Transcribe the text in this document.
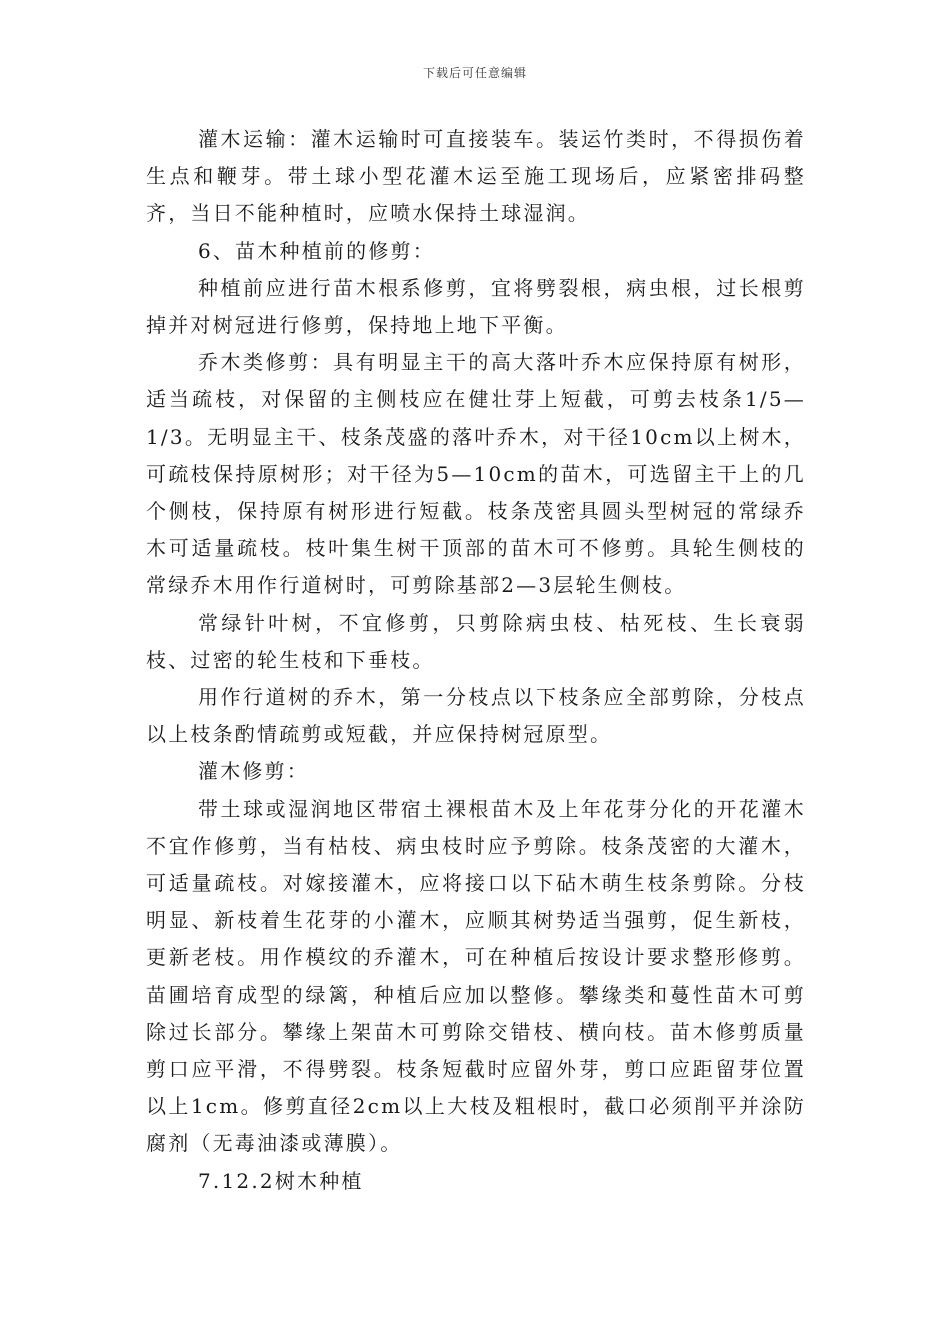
下载后可任意编辑

灌木运输：灌木运输时可直接装车。装运竹类时，不得损伤着生点和鞭芽。带土球小型花灌木运至施工现场后，应紧密排码整齐，当日不能种植时，应喷水保持土球湿润。

6、苗木种植前的修剪：

种植前应进行苗木根系修剪，宜将劈裂根，病虫根，过长根剪掉并对树冠进行修剪，保持地上地下平衡。

乔木类修剪：具有明显主干的高大落叶乔木应保持原有树形，适当疏枝，对保留的主侧枝应在健壮芽上短截，可剪去枝条1/5—1/3。无明显主干、枝条茂盛的落叶乔木，对干径10cm以上树木，可疏枝保持原树形；对干径为5—10cm的苗木，可选留主干上的几个侧枝，保持原有树形进行短截。枝条茂密具圆头型树冠的常绿乔木可适量疏枝。枝叶集生树干顶部的苗木可不修剪。具轮生侧枝的常绿乔木用作行道树时，可剪除基部2—3层轮生侧枝。

常绿针叶树，不宜修剪，只剪除病虫枝、枯死枝、生长衰弱枝、过密的轮生枝和下垂枝。

用作行道树的乔木，第一分枝点以下枝条应全部剪除，分枝点以上枝条酌情疏剪或短截，并应保持树冠原型。

灌木修剪：

带土球或湿润地区带宿土裸根苗木及上年花芽分化的开花灌木不宜作修剪，当有枯枝、病虫枝时应予剪除。枝条茂密的大灌木，可适量疏枝。对嫁接灌木，应将接口以下砧木萌生枝条剪除。分枝明显、新枝着生花芽的小灌木，应顺其树势适当强剪，促生新枝，更新老枝。用作模纹的乔灌木，可在种植后按设计要求整形修剪。苗圃培育成型的绿篱，种植后应加以整修。攀缘类和蔓性苗木可剪除过长部分。攀缘上架苗木可剪除交错枝、横向枝。苗木修剪质量剪口应平滑，不得劈裂。枝条短截时应留外芽，剪口应距留芽位置以上1cm。修剪直径2cm以上大枝及粗根时，截口必须削平并涂防腐剂（无毒油漆或薄膜）。

7.12.2树木种植
